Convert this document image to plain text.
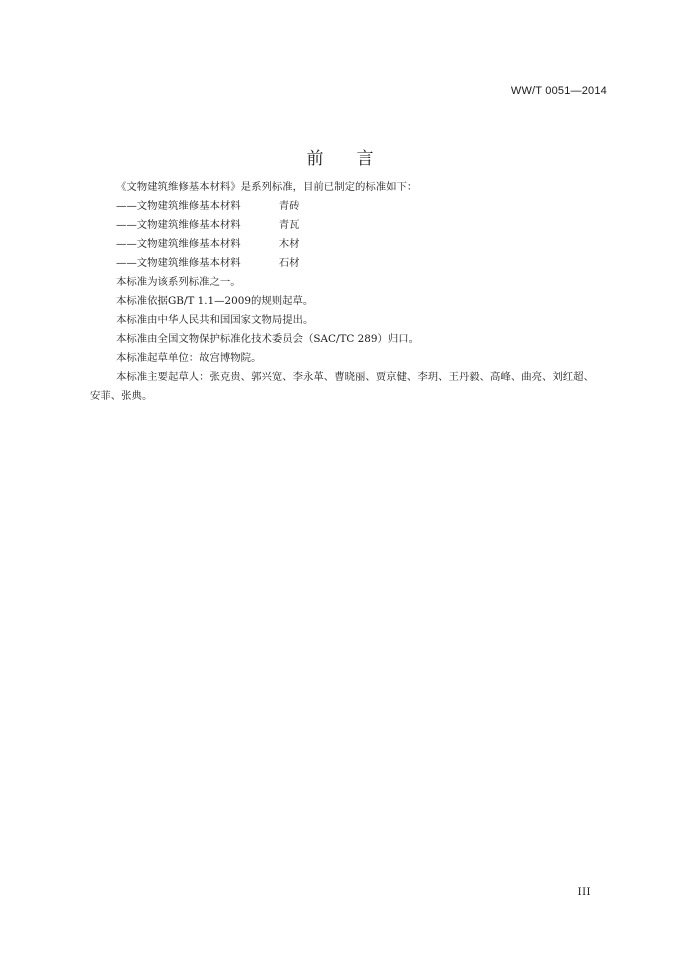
WW/T 0051—2014
前 言

《文物建筑维修基本材料》是系列标准，目前已制定的标准如下：

——文物建筑维修基本材料	青砖

——文物建筑维修基本材料	青瓦

——文物建筑维修基本材料	木材

——文物建筑维修基本材料	石材

本标准为该系列标准之一。

本标准依据GB/T 1.1—2009的规则起草。

本标准由中华人民共和国国家文物局提出。

本标准由全国文物保护标准化技术委员会（SAC/TC 289）归口。

本标准起草单位：故宫博物院。

本标准主要起草人：张克贵、郭兴宽、李永革、曹晓丽、贾京健、李玥、王丹毅、高峰、曲亮、刘红超、安菲、张典。

III
